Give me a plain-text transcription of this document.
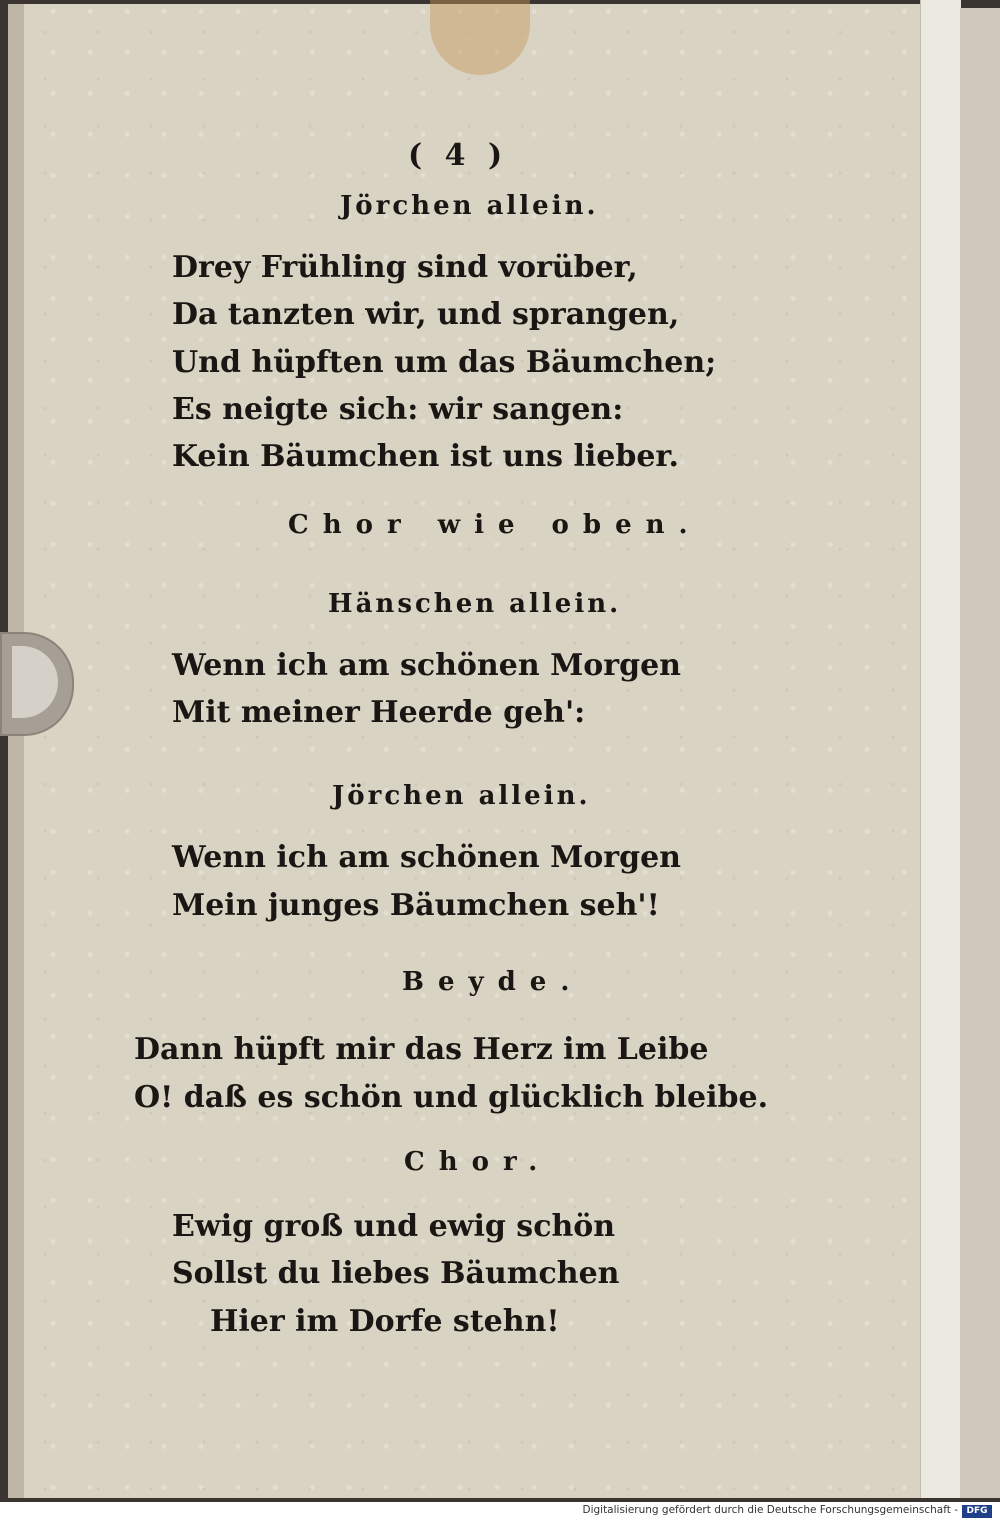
( 4 )
Jörchen allein.
Drey Frühling sind vorüber,
Da tanzten wir, und sprangen,
Und hüpften um das Bäumchen;
Es neigte sich: wir sangen:
Kein Bäumchen ist uns lieber.
Chor wie oben.
Hänschen allein.
Wenn ich am schönen Morgen
Mit meiner Heerde geh':
Jörchen allein.
Wenn ich am schönen Morgen
Mein junges Bäumchen seh'!
Beyde.
Dann hüpft mir das Herz im Leibe
O! daß es schön und glücklich bleibe.
Chor.
Ewig groß und ewig schön
Sollst du liebes Bäumchen
Hier im Dorfe stehn!
Digitalisierung gefördert durch die Deutsche Forschungsgemeinschaft - DFG
